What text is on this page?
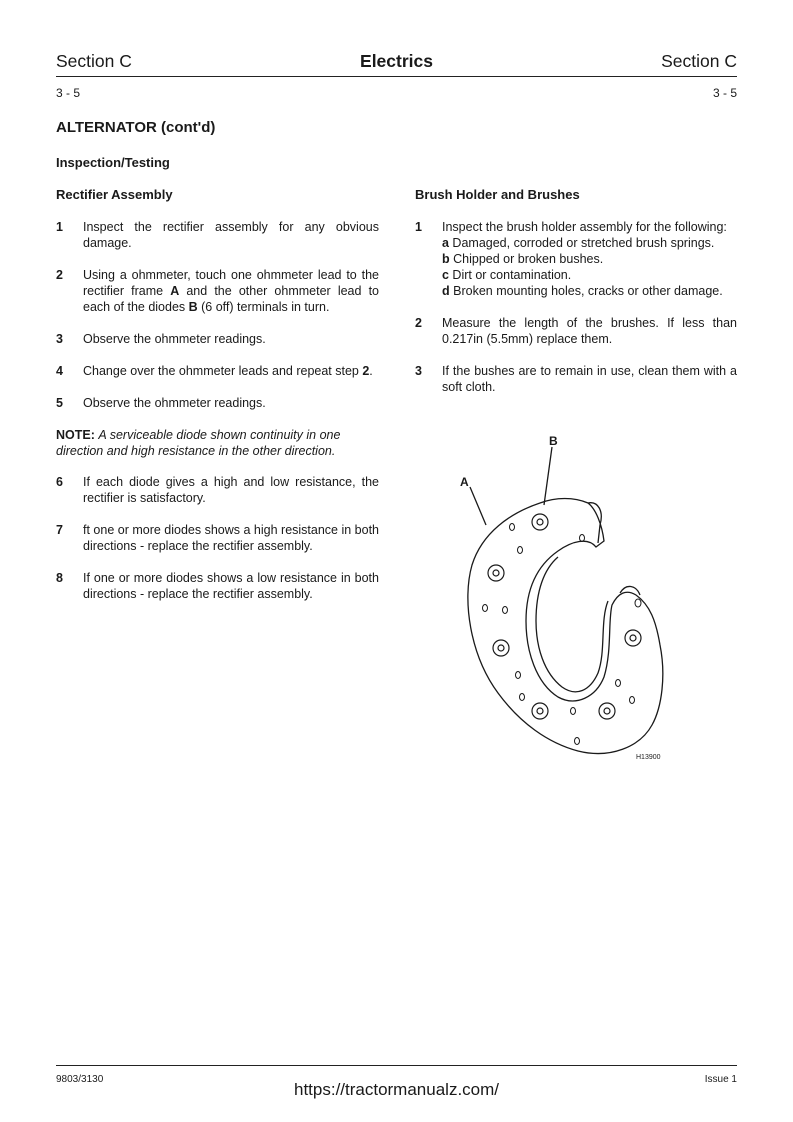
Section C	Electrics	Section C
3 - 5	3 - 5
ALTERNATOR (cont'd)
Inspection/Testing
Rectifier Assembly
1 Inspect the rectifier assembly for any obvious damage.
2 Using a ohmmeter, touch one ohmmeter lead to the rectifier frame A and the other ohmmeter lead to each of the diodes B (6 off) terminals in turn.
3 Observe the ohmmeter readings.
4 Change over the ohmmeter leads and repeat step 2.
5 Observe the ohmmeter readings.
NOTE: A serviceable diode shown continuity in one direction and high resistance in the other direction.
6 If each diode gives a high and low resistance, the rectifier is satisfactory.
7 ft one or more diodes shows a high resistance in both directions - replace the rectifier assembly.
8 If one or more diodes shows a low resistance in both directions - replace the rectifier assembly.
Brush Holder and Brushes
1 Inspect the brush holder assembly for the following:
a Damaged, corroded or stretched brush springs.
b Chipped or broken bushes.
c Dirt or contamination.
d Broken mounting holes, cracks or other damage.
2 Measure the length of the brushes. If less than 0.217in (5.5mm) replace them.
3 If the bushes are to remain in use, clean them with a soft cloth.
A
B
H13900
9803/3130	Issue 1
https://tractormanualz.com/
